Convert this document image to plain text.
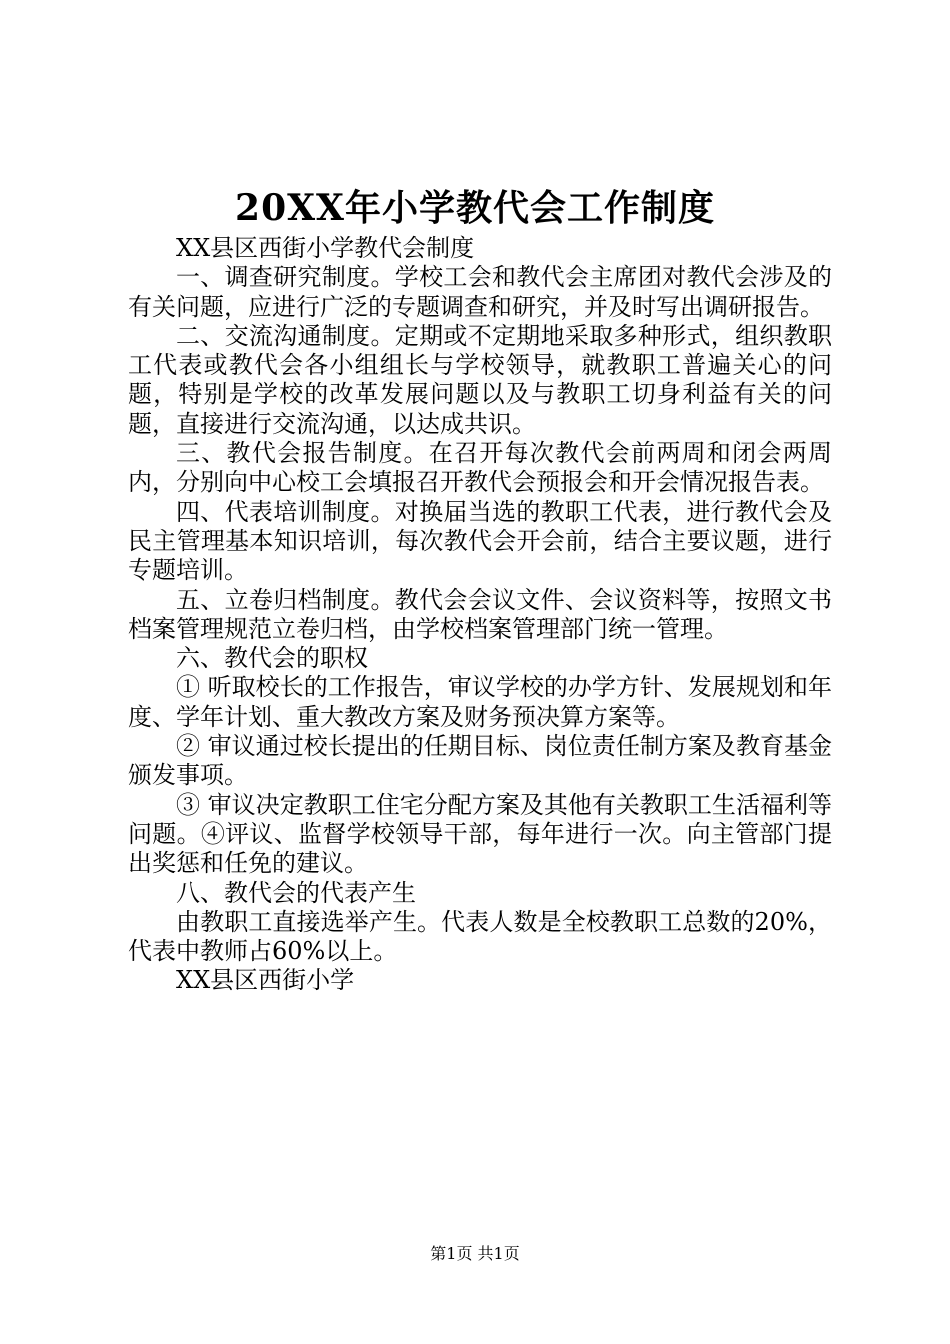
20XX年小学教代会工作制度

XX县区西街小学教代会制度

一、调查研究制度。学校工会和教代会主席团对教代会涉及的有关问题，应进行广泛的专题调查和研究，并及时写出调研报告。

二、交流沟通制度。定期或不定期地采取多种形式，组织教职工代表或教代会各小组组长与学校领导，就教职工普遍关心的问题，特别是学校的改革发展问题以及与教职工切身利益有关的问题，直接进行交流沟通，以达成共识。

三、教代会报告制度。在召开每次教代会前两周和闭会两周内，分别向中心校工会填报召开教代会预报会和开会情况报告表。

四、代表培训制度。对换届当选的教职工代表，进行教代会及民主管理基本知识培训，每次教代会开会前，结合主要议题，进行专题培训。

五、立卷归档制度。教代会会议文件、会议资料等，按照文书档案管理规范立卷归档，由学校档案管理部门统一管理。

六、教代会的职权

① 听取校长的工作报告，审议学校的办学方针、发展规划和年度、学年计划、重大教改方案及财务预决算方案等。

② 审议通过校长提出的任期目标、岗位责任制方案及教育基金颁发事项。

③ 审议决定教职工住宅分配方案及其他有关教职工生活福利等问题。④评议、监督学校领导干部，每年进行一次。向主管部门提出奖惩和任免的建议。

八、教代会的代表产生

由教职工直接选举产生。代表人数是全校教职工总数的20%，代表中教师占60%以上。

XX县区西街小学

第1页 共1页
